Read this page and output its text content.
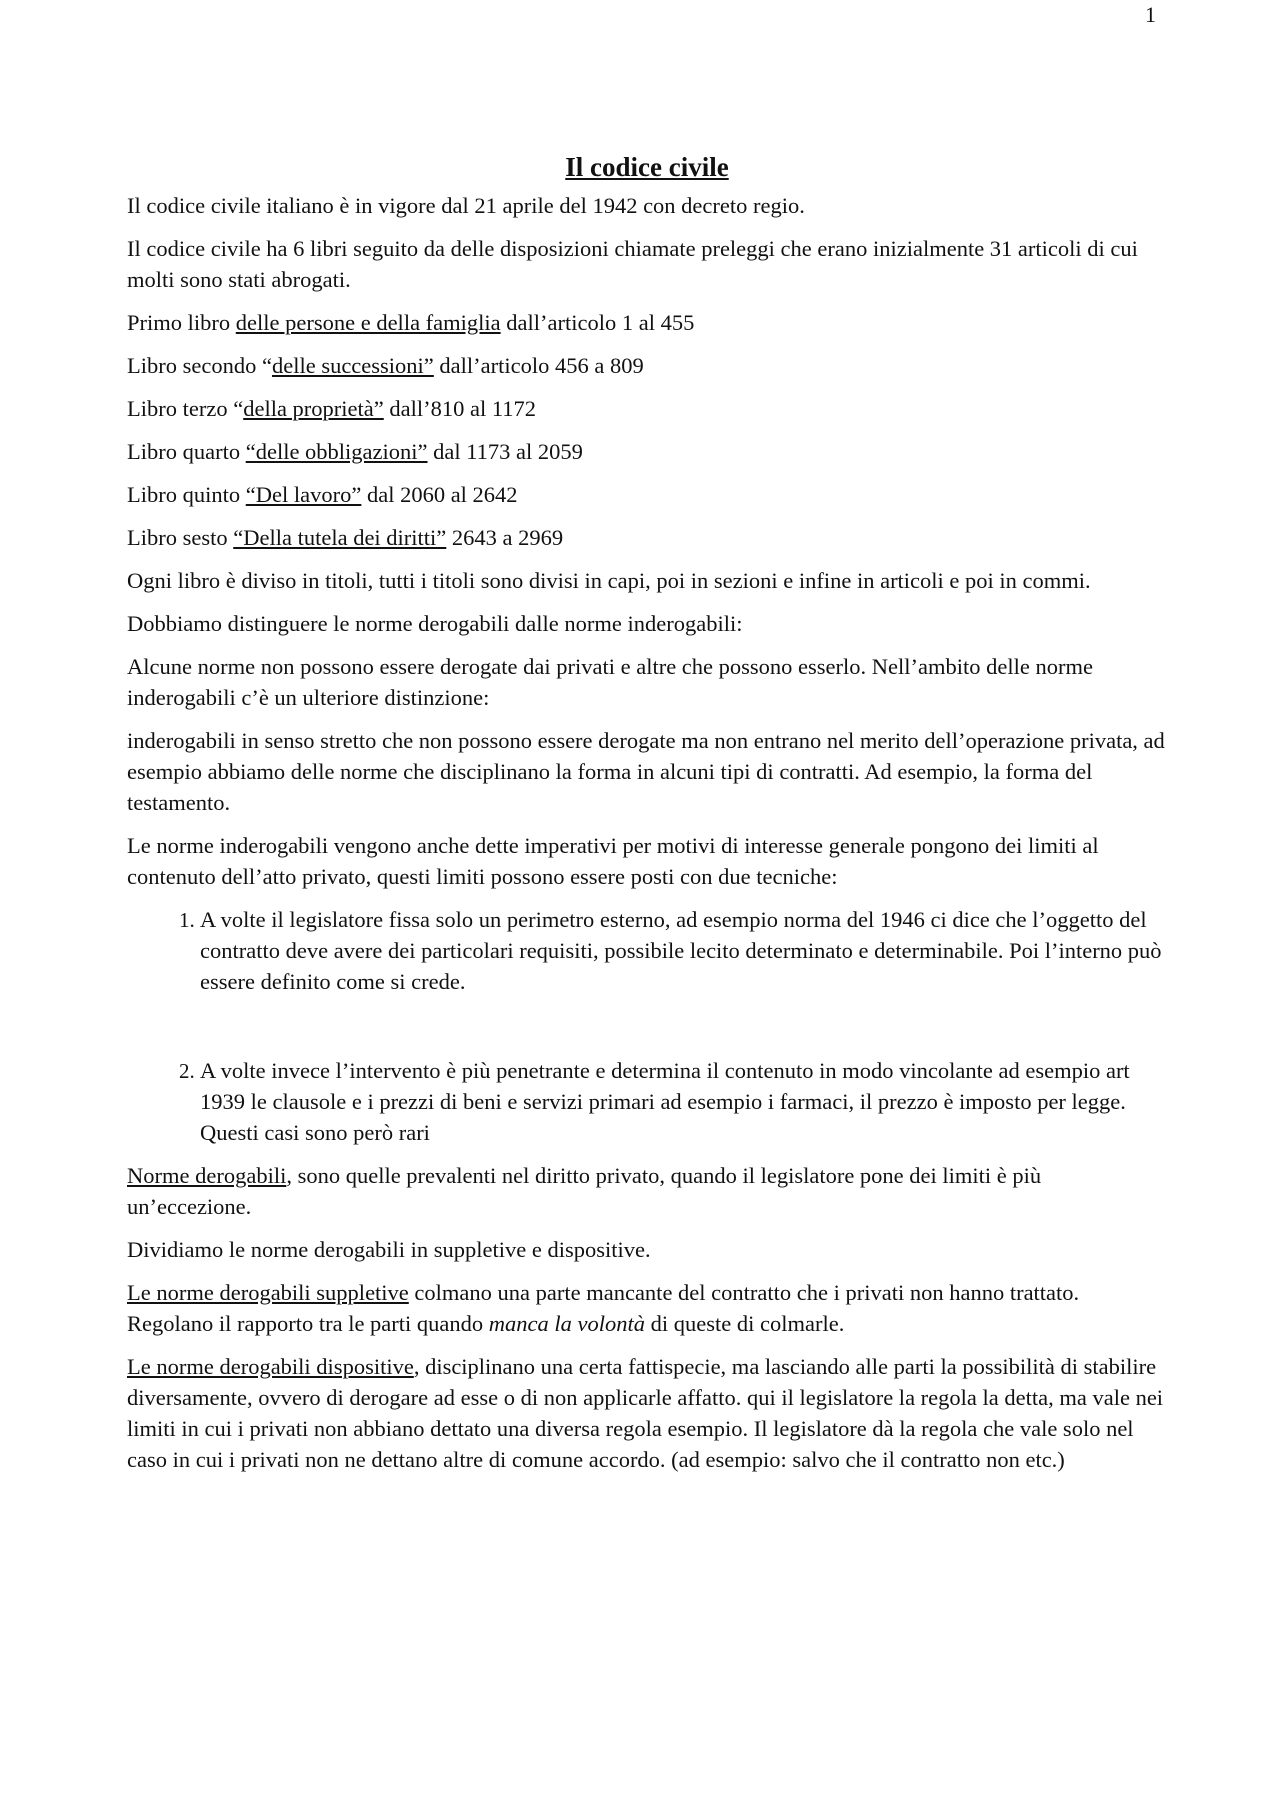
1
Il codice civile

Il codice civile italiano è in vigore dal 21 aprile del 1942 con decreto regio.

Il codice civile ha 6 libri seguito da delle disposizioni chiamate preleggi che erano inizialmente 31 articoli di cui molti sono stati abrogati.

Primo libro delle persone e della famiglia dall’articolo 1 al 455

Libro secondo “delle successioni” dall’articolo 456 a 809

Libro terzo “della proprietà” dall’810 al 1172

Libro quarto “delle obbligazioni” dal 1173 al 2059

Libro quinto “Del lavoro” dal 2060 al 2642

Libro sesto “Della tutela dei diritti” 2643 a 2969

Ogni libro è diviso in titoli, tutti i titoli sono divisi in capi, poi in sezioni e infine in articoli e poi in commi.

Dobbiamo distinguere le norme derogabili dalle norme inderogabili:

Alcune norme non possono essere derogate dai privati e altre che possono esserlo. Nell’ambito delle norme inderogabili c’è un ulteriore distinzione:

inderogabili in senso stretto che non possono essere derogate ma non entrano nel merito dell’operazione privata, ad esempio abbiamo delle norme che disciplinano la forma in alcuni tipi di contratti. Ad esempio, la forma del testamento.

Le norme inderogabili vengono anche dette imperativi per motivi di interesse generale pongono dei limiti al contenuto dell’atto privato, questi limiti possono essere posti con due tecniche:

1. A volte il legislatore fissa solo un perimetro esterno, ad esempio norma del 1946 ci dice che l’oggetto del contratto deve avere dei particolari requisiti, possibile lecito determinato e determinabile. Poi l’interno può essere definito come si crede.
2. A volte invece l’intervento è più penetrante e determina il contenuto in modo vincolante ad esempio art 1939 le clausole e i prezzi di beni e servizi primari ad esempio i farmaci, il prezzo è imposto per legge. Questi casi sono però rari

Norme derogabili, sono quelle prevalenti nel diritto privato, quando il legislatore pone dei limiti è più un’eccezione.

Dividiamo le norme derogabili in suppletive e dispositive.

Le norme derogabili suppletive colmano una parte mancante del contratto che i privati non hanno trattato. Regolano il rapporto tra le parti quando manca la volontà di queste di colmarle.

Le norme derogabili dispositive, disciplinano una certa fattispecie, ma lasciando alle parti la possibilità di stabilire diversamente, ovvero di derogare ad esse o di non applicarle affatto. qui il legislatore la regola la detta, ma vale nei limiti in cui i privati non abbiano dettato una diversa regola esempio. Il legislatore dà la regola che vale solo nel caso in cui i privati non ne dettano altre di comune accordo. (ad esempio: salvo che il contratto non etc.)
